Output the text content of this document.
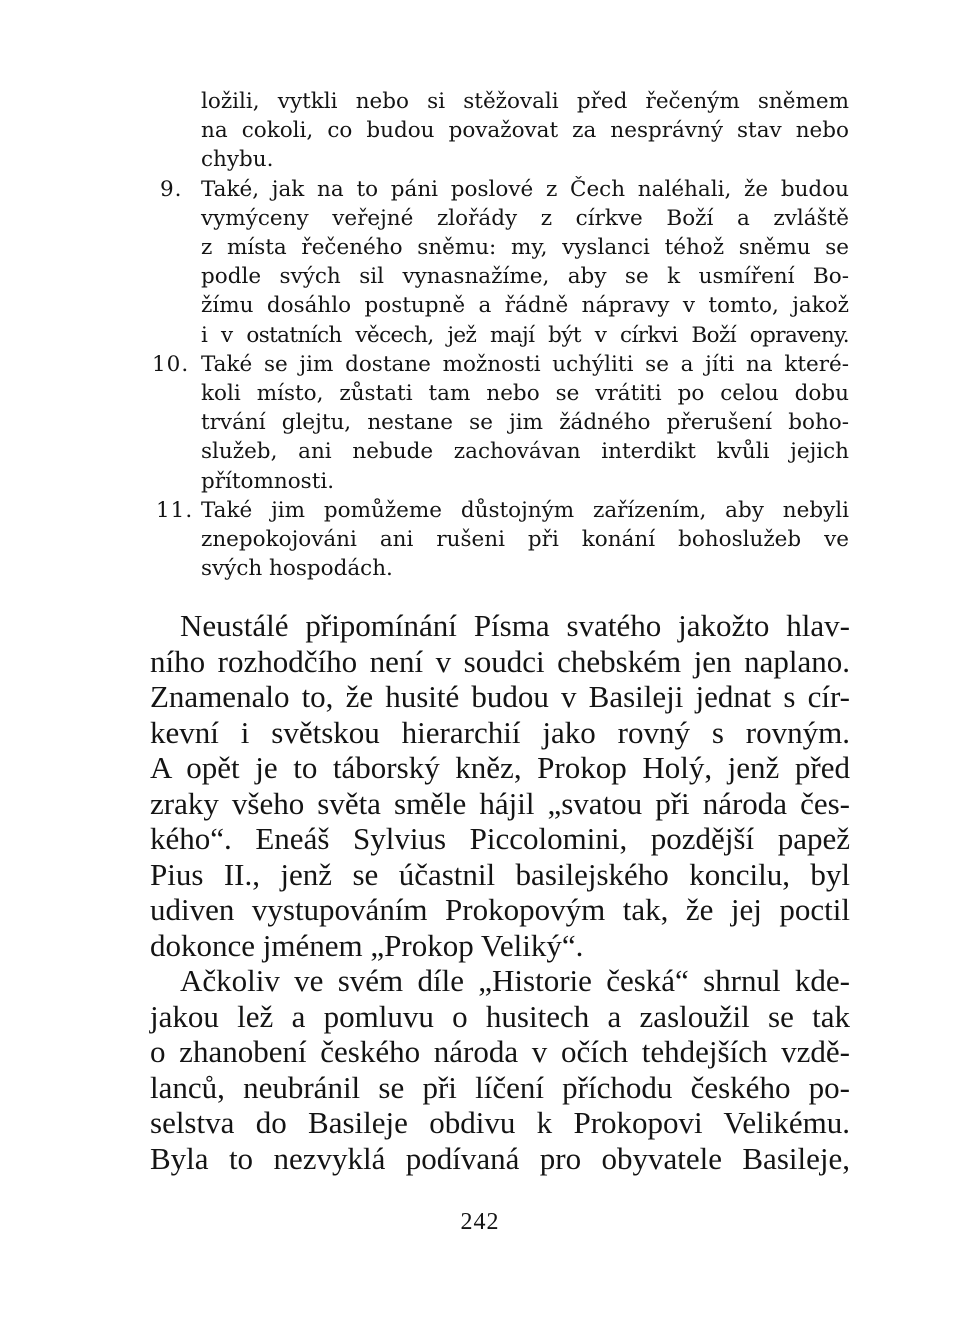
ložili, vytkli nebo si stěžovali před řečeným sněmem
na cokoli, co budou považovat za nesprávný stav nebo
chybu.
9. Také, jak na to páni poslové z Čech naléhali, že budou
vymýceny veřejné zlořády z církve Boží a zvláště
z místa řečeného sněmu: my, vyslanci téhož sněmu se
podle svých sil vynasnažíme, aby se k usmíření Bo-
žímu dosáhlo postupně a řádně nápravy v tomto, jakož
i v ostatních věcech, jež mají být v církvi Boží opraveny.
10. Také se jim dostane možnosti uchýliti se a jíti na které-
koli místo, zůstati tam nebo se vrátiti po celou dobu
trvání glejtu, nestane se jim žádného přerušení boho-
služeb, ani nebude zachovávan interdikt kvůli jejich
přítomnosti.
11. Také jim pomůžeme důstojným zařízením, aby nebyli
znepokojováni ani rušeni při konání bohoslužeb ve
svých hospodách.
Neustálé připomínání Písma svatého jakožto hlav-
ního rozhodčího není v soudci chebském jen naplano.
Znamenalo to, že husité budou v Basileji jednat s cír-
kevní i světskou hierarchií jako rovný s rovným.
A opět je to táborský kněz, Prokop Holý, jenž před
zraky všeho světa směle hájil „svatou při národa čes-
kého“. Eneáš Sylvius Piccolomini, pozdější papež
Pius II., jenž se účastnil basilejského koncilu, byl
udiven vystupováním Prokopovým tak, že jej poctil
dokonce jménem „Prokop Veliký“.
Ačkoliv ve svém díle „Historie česká“ shrnul kde-
jakou lež a pomluvu o husitech a zasloužil se tak
o zhanobení českého národa v očích tehdejších vzdě-
lanců, neubránil se při líčení příchodu českého po-
selstva do Basileje obdivu k Prokopovi Velikému.
Byla to nezvyklá podívaná pro obyvatele Basileje,
242
